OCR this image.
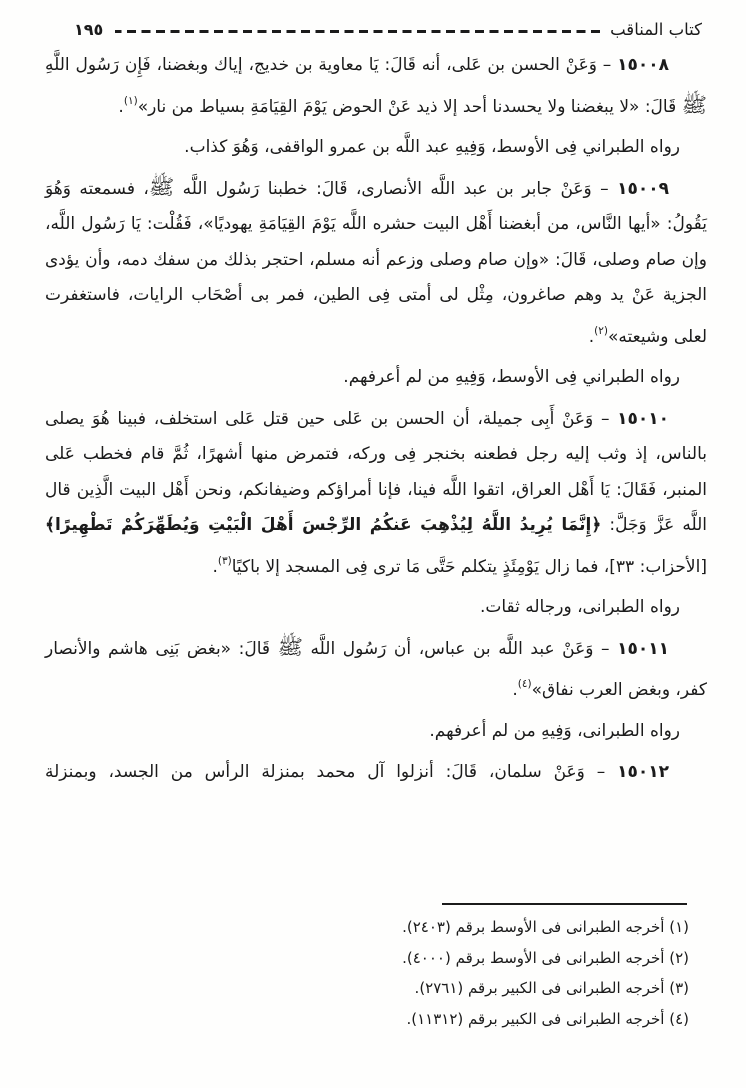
كتاب المناقب
١٩٥

١٥٠٠٨ – وَعَنْ الحسن بن عَلى، أنه قَالَ: يَا معاوية بن خديج، إياك وبغضنا، فَإِن رَسُول اللَّهِ ﷺ قَالَ: «لا يبغضنا ولا يحسدنا أحد إلا ذيد عَنْ الحوض يَوْمَ القِيَامَةِ بسياط من نار»$^{(١)}$.

رواه الطبراني فِى الأوسط، وَفِيهِ عبد اللَّه بن عمرو الواقفى، وَهُوَ كذاب.

١٥٠٠٩ – وَعَنْ جابر بن عبد اللَّه الأنصارى، قَالَ: خطبنا رَسُول اللَّه ﷺ، فسمعته وَهُوَ يَقُولُ: «أيها النَّاس، من أبغضنا أَهْل البيت حشره اللَّه يَوْمَ القِيَامَةِ يهوديًا»، فَقُلْت: يَا رَسُول اللَّه، وإن صام وصلى، قَالَ: «وإن صام وصلى وزعم أنه مسلم، احتجر بذلك من سفك دمه، وأن يؤدى الجزية عَنْ يد وهم صاغرون، مِثْل لى أمتى فِى الطين، فمر بى أصْحَاب الرايات، فاستغفرت لعلى وشيعته»$^{(٢)}$.

رواه الطبراني فِى الأوسط، وَفِيهِ من لم أعرفهم.

١٥٠١٠ – وَعَنْ أَبِى جميلة، أن الحسن بن عَلى حين قتل عَلى استخلف، فبينا هُوَ يصلى بالناس، إذ وثب إليه رجل فطعنه بخنجر فِى وركه، فتمرض منها أشهرًا، ثُمَّ قام فخطب عَلى المنبر، فَقَالَ: يَا أَهْل العراق، اتقوا اللَّه فينا، فإنا أمراؤكم وضيفانكم، ونحن أَهْل البيت الَّذِين قال اللَّه عَزَّ وَجَلَّ: ﴿إِنَّمَا يُرِيدُ اللَّهُ لِيُذْهِبَ عَنكُمُ الرِّجْسَ أَهْلَ الْبَيْتِ وَيُطَهِّرَكُمْ تَطْهِيرًا﴾ [الأحزاب: ٣٣]، فما زال يَوْمِئَذٍ يتكلم حَتَّى مَا ترى فِى المسجد إلا باكيًا$^{(٣)}$.

رواه الطبرانى، ورجاله ثقات.

١٥٠١١ – وَعَنْ عبد اللَّه بن عباس، أن رَسُول اللَّه ﷺ قَالَ: «بغض بَنِى هاشم والأنصار كفر، وبغض العرب نفاق»$^{(٤)}$.

رواه الطبرانى، وَفِيهِ من لم أعرفهم.

١٥٠١٢ – وَعَنْ سلمان، قَالَ: أنزلوا آل محمد بمنزلة الرأس من الجسد، وبمنزلة

(١) أخرجه الطبرانى فى الأوسط برقم (٢٤٠٣).
(٢) أخرجه الطبرانى فى الأوسط برقم (٤٠٠٠).
(٣) أخرجه الطبرانى فى الكبير برقم (٢٧٦١).
(٤) أخرجه الطبرانى فى الكبير برقم (١١٣١٢).
